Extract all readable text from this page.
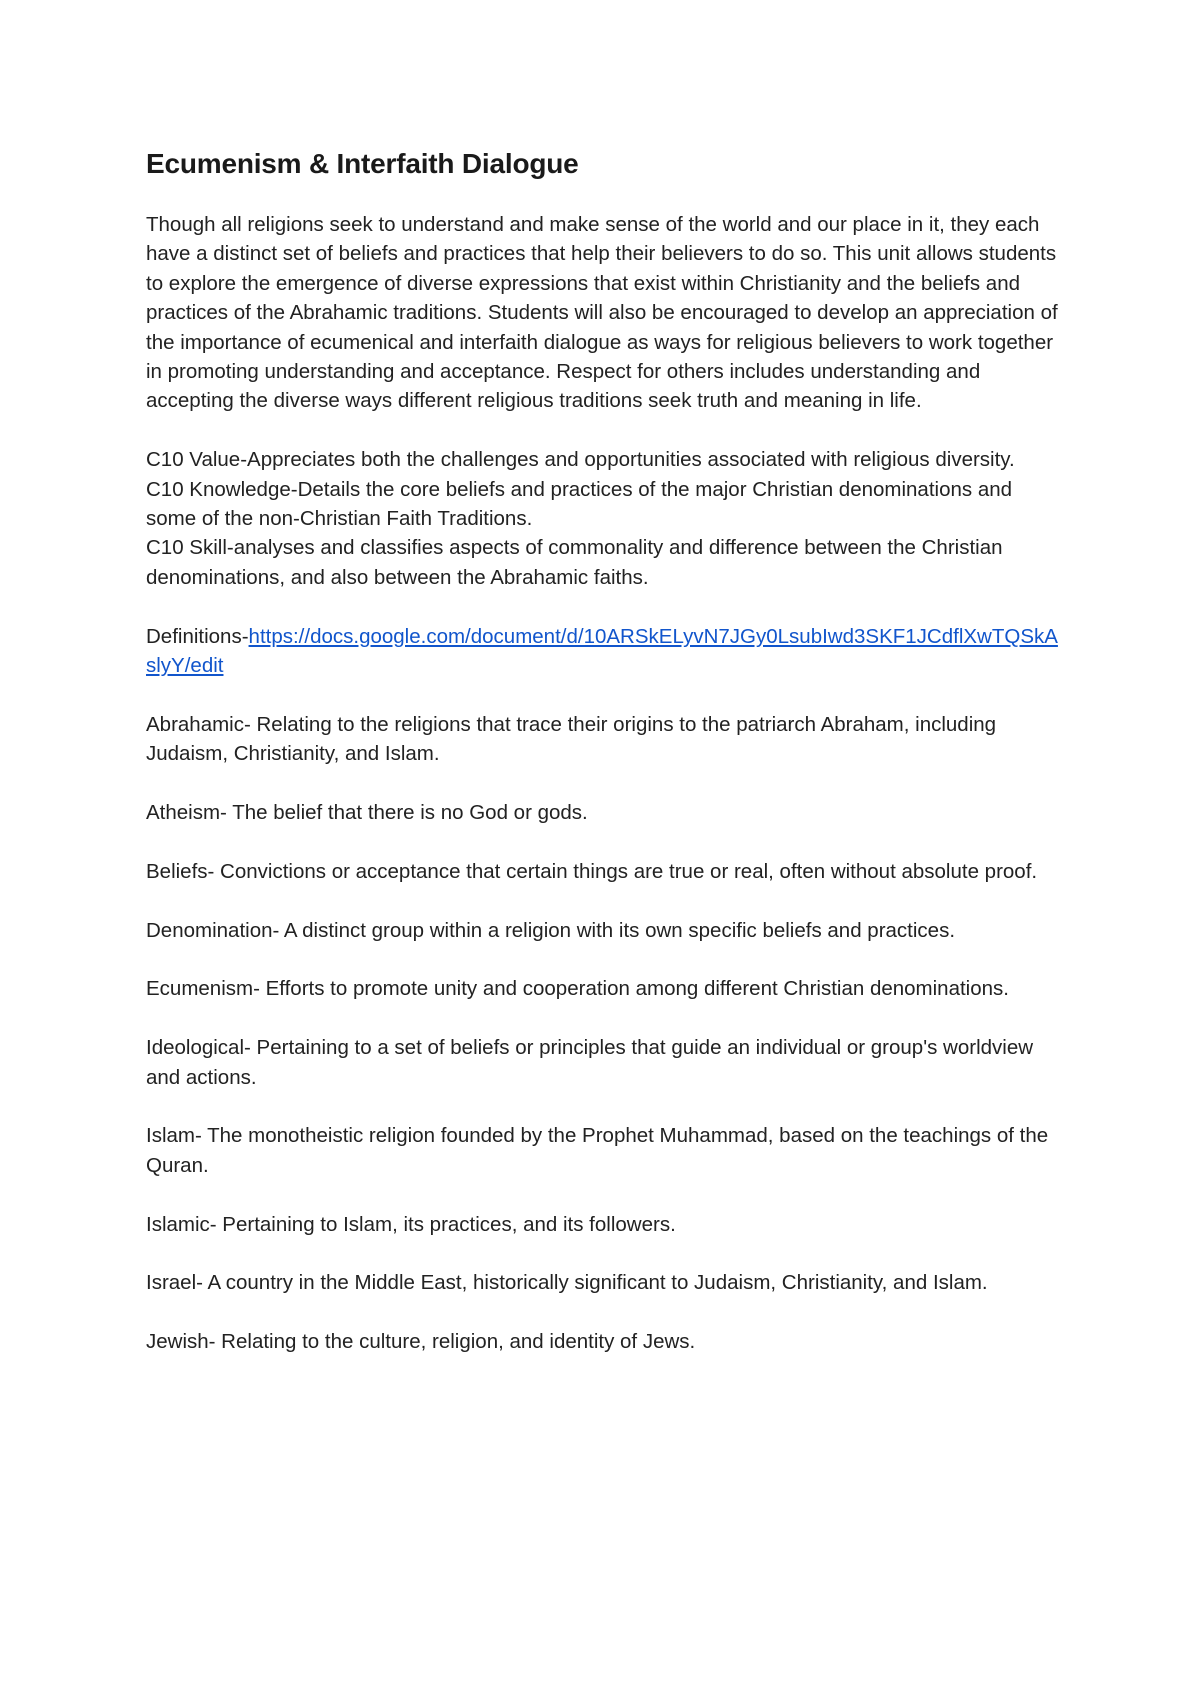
Ecumenism & Interfaith Dialogue

Though all religions seek to understand and make sense of the world and our place in it, they each have a distinct set of beliefs and practices that help their believers to do so. This unit allows students to explore the emergence of diverse expressions that exist within Christianity and the beliefs and practices of the Abrahamic traditions. Students will also be encouraged to develop an appreciation of the importance of ecumenical and interfaith dialogue as ways for religious believers to work together in promoting understanding and acceptance. Respect for others includes understanding and accepting the diverse ways different religious traditions seek truth and meaning in life.

C10 Value-Appreciates both the challenges and opportunities associated with religious diversity.
C10 Knowledge-Details the core beliefs and practices of the major Christian denominations and some of the non-Christian Faith Traditions.
C10 Skill-analyses and classifies aspects of commonality and difference between the Christian denominations, and also between the Abrahamic faiths.

Definitions-https://docs.google.com/document/d/10ARSkELyvN7JGy0LsubIwd3SKF1JCdflXwTQSkAslyY/edit

Abrahamic- Relating to the religions that trace their origins to the patriarch Abraham, including Judaism, Christianity, and Islam.

Atheism- The belief that there is no God or gods.

Beliefs- Convictions or acceptance that certain things are true or real, often without absolute proof.

Denomination- A distinct group within a religion with its own specific beliefs and practices.

Ecumenism- Efforts to promote unity and cooperation among different Christian denominations.

Ideological- Pertaining to a set of beliefs or principles that guide an individual or group's worldview and actions.

Islam- The monotheistic religion founded by the Prophet Muhammad, based on the teachings of the Quran.

Islamic- Pertaining to Islam, its practices, and its followers.

Israel- A country in the Middle East, historically significant to Judaism, Christianity, and Islam.

Jewish- Relating to the culture, religion, and identity of Jews.
